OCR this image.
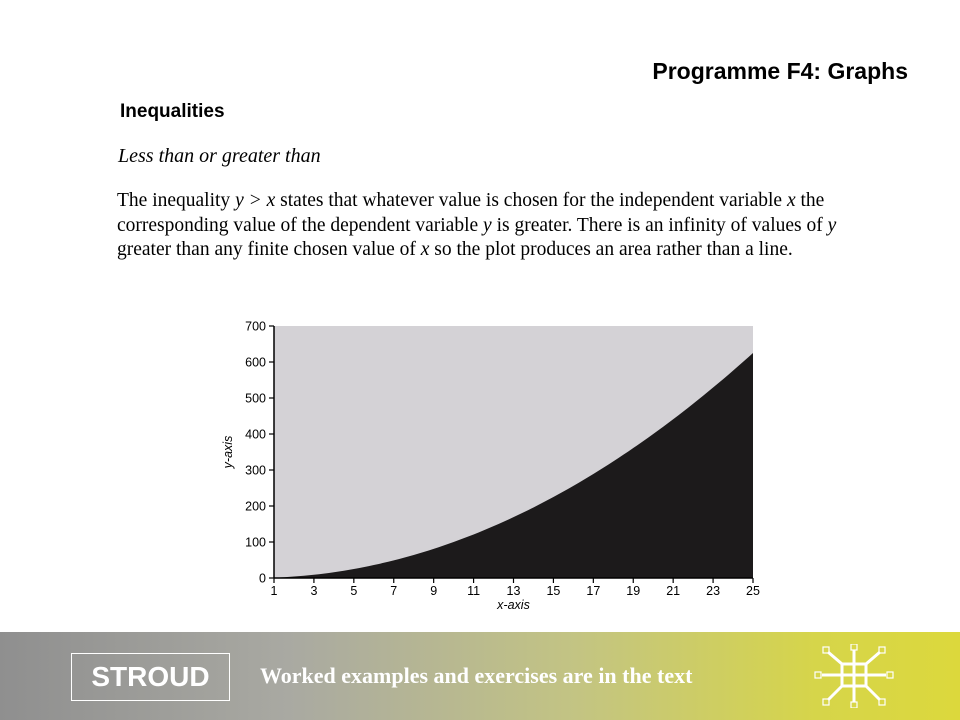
Programme F4: Graphs
Inequalities
Less than or greater than
The inequality y > x states that whatever value is chosen for the independent variable x the corresponding value of the dependent variable y is greater. There is an infinity of values of y greater than any finite chosen value of x so the plot produces an area rather than a line.
0
100
200
300
400
500
600
700
1	3	5	7	9 11 13 15 17 19 21 23 25
x-axis
y-axis
STROUD	Worked examples and exercises are in the text
